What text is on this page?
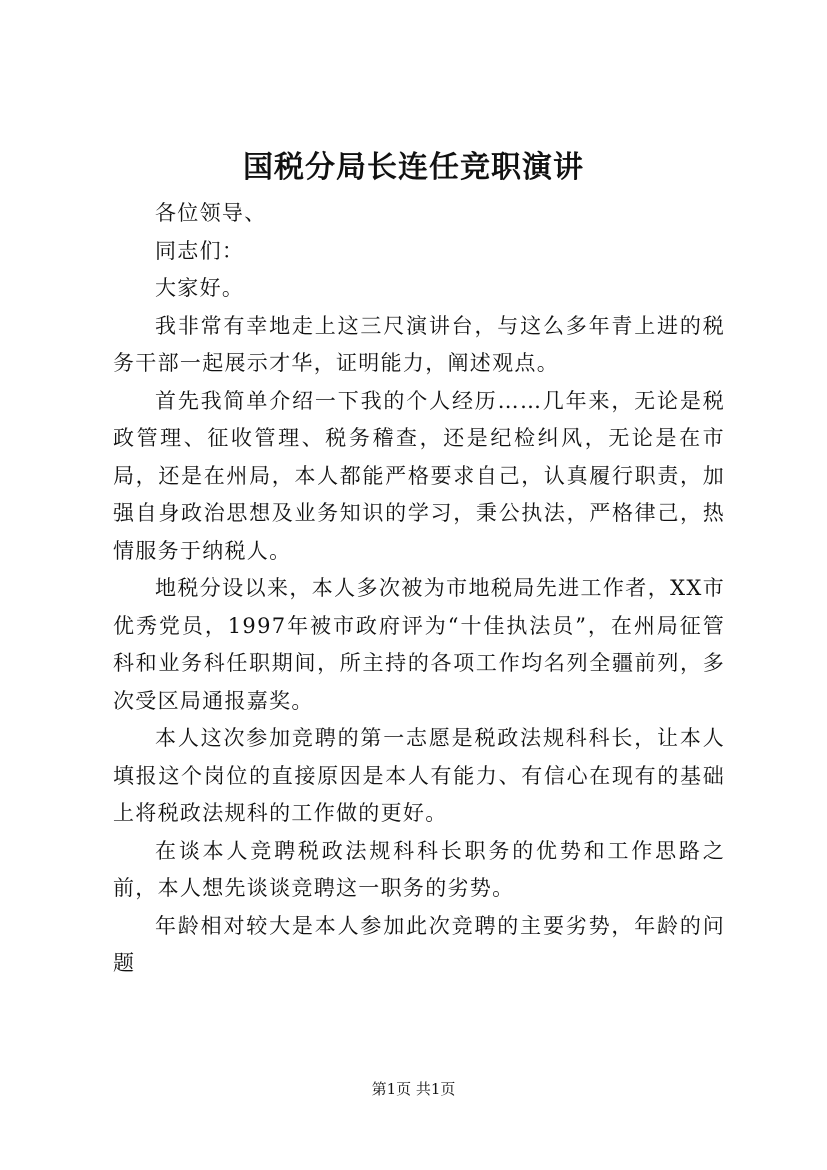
国税分局长连任竞职演讲

各位领导、

同志们：

大家好。

我非常有幸地走上这三尺演讲台，与这么多年青上进的税务干部一起展示才华，证明能力，阐述观点。

首先我简单介绍一下我的个人经历……几年来，无论是税政管理、征收管理、税务稽查，还是纪检纠风，无论是在市局，还是在州局，本人都能严格要求自己，认真履行职责，加强自身政治思想及业务知识的学习，秉公执法，严格律己，热情服务于纳税人。

地税分设以来，本人多次被为市地税局先进工作者，XX市优秀党员，1997年被市政府评为“十佳执法员”，在州局征管科和业务科任职期间，所主持的各项工作均名列全疆前列，多次受区局通报嘉奖。

本人这次参加竞聘的第一志愿是税政法规科科长，让本人填报这个岗位的直接原因是本人有能力、有信心在现有的基础上将税政法规科的工作做的更好。

在谈本人竞聘税政法规科科长职务的优势和工作思路之前，本人想先谈谈竞聘这一职务的劣势。

年龄相对较大是本人参加此次竞聘的主要劣势，年龄的问题

第1页 共1页
